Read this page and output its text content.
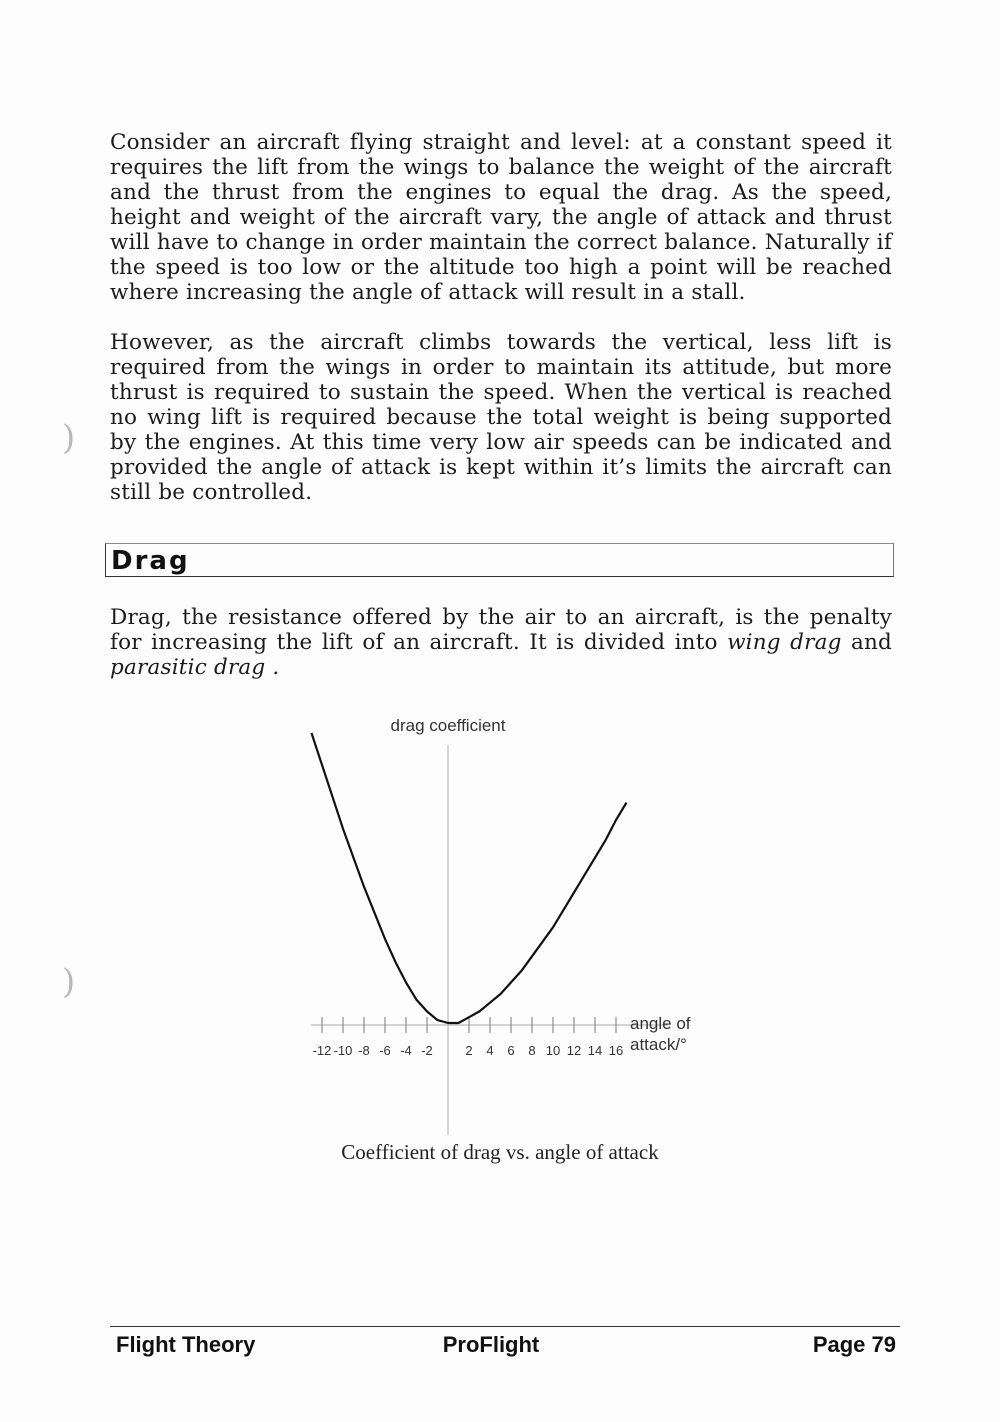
Consider an aircraft flying straight and level: at a constant speed it requires the lift from the wings to balance the weight of the aircraft and the thrust from the engines to equal the drag. As the speed, height and weight of the aircraft vary, the angle of attack and thrust will have to change in order maintain the correct balance. Naturally if the speed is too low or the altitude too high a point will be reached where increasing the angle of attack will result in a stall.

However, as the aircraft climbs towards the vertical, less lift is required from the wings in order to maintain its attitude, but more thrust is required to sustain the speed. When the vertical is reached no wing lift is required because the total weight is being supported by the engines. At this time very low air speeds can be indicated and provided the angle of attack is kept within it’s limits the aircraft can still be controlled.

)
)
Drag

Drag, the resistance offered by the air to an aircraft, is the penalty for increasing the lift of an aircraft. It is divided into wing drag and parasitic drag .

drag coefficient
angle of
attack/°
-12 -10 -8 -6 -4 -2	2 4 6 8 10 12 14 16

Coefficient of drag vs. angle of attack

Flight Theory	ProFlight	Page 79
